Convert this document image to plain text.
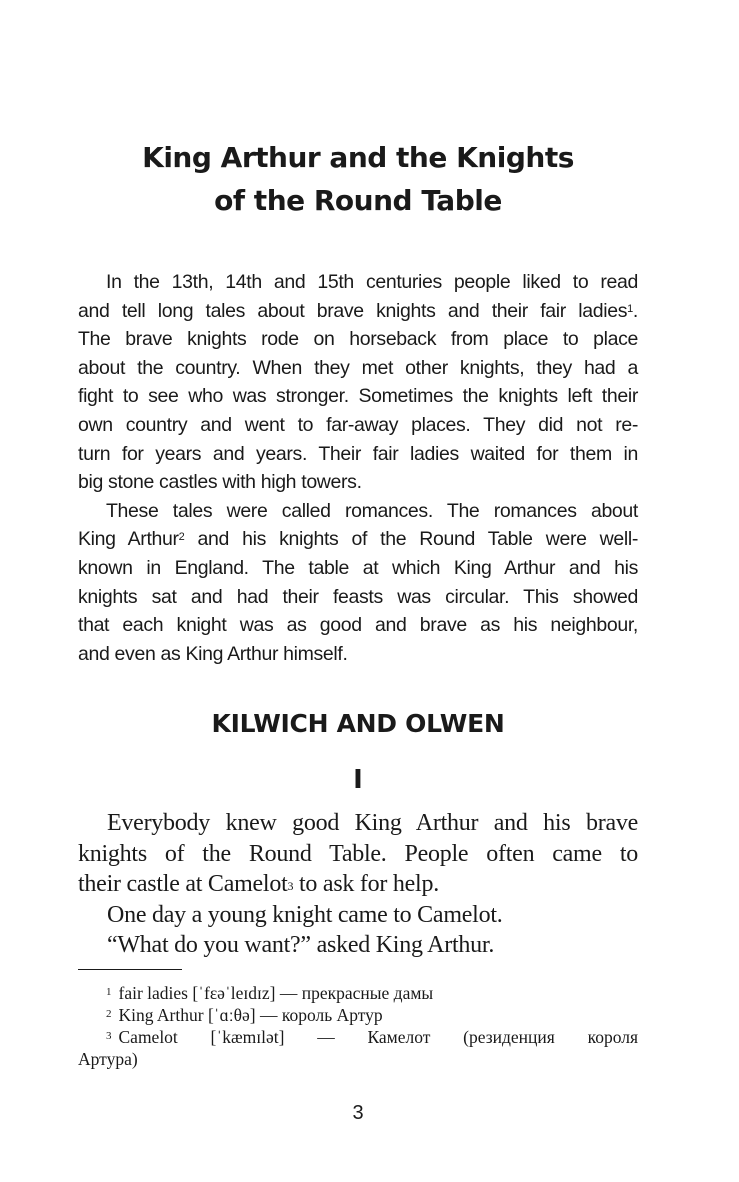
King Arthur and the Knights
of the Round Table
In the 13th, 14th and 15th centuries people liked to read
and tell long tales about brave knights and their fair ladies$^1$.
The brave knights rode on horseback from place to place
about the country. When they met other knights, they had a
fight to see who was stronger. Sometimes the knights left their
own country and went to far-away places. They did not re-
turn for years and years. Their fair ladies waited for them in
big stone castles with high towers.
These tales were called romances. The romances about
King Arthur$^2$ and his knights of the Round Table were well-
known in England. The table at which King Arthur and his
knights sat and had their feasts was circular. This showed
that each knight was as good and brave as his neighbour,
and even as King Arthur himself.
KILWICH AND OLWEN
I
Everybody knew good King Arthur and his brave
knights of the Round Table. People often came to
their castle at Camelot$^3$ to ask for help.
One day a young knight came to Camelot.
“What do you want?” asked King Arthur.
$^1$ fair ladies [ˈfɛəˈleɪdɪz] — прекрасные дамы
$^2$ King Arthur [ˈɑːθə] — король Артур
$^3$ Camelot [ˈkæmɪlət] — Камелот (резиденция короля
Артура)
3
